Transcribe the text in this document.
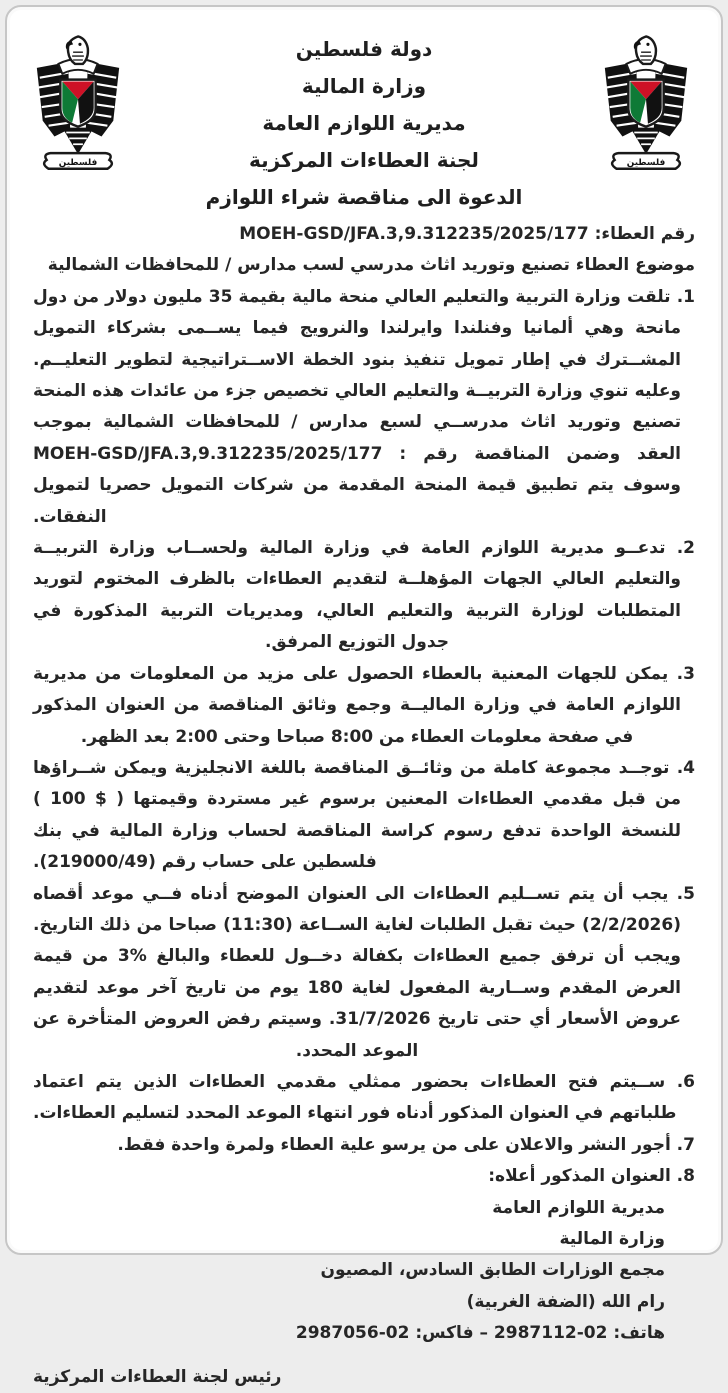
دولة فلسطين
وزارة المالية
مديرية اللوازم العامة
لجنة العطاءات المركزية
الدعوة الى مناقصة شراء اللوازم
رقم العطاء: MOEH-GSD/JFA.3,9.312235/2025/177
موضوع العطاء تصنيع وتوريد اثاث مدرسي لسب مدارس / للمحافظات الشمالية
1. تلقت وزارة التربية والتعليم العالي منحة مالية بقيمة 35 مليون دولار من دول مانحة وهي ألمانيا وفنلندا وايرلندا والنرويج فيما يســمى بشركاء التمويل المشــترك في إطار تمويل تنفيذ بنود الخطة الاســتراتيجية لتطوير التعليــم. وعليه تنوي وزارة التربيــة والتعليم العالي تخصيص جزء من عائدات هذه المنحة تصنيع وتوريد اثاث مدرســي لسبع مدارس / للمحافظات الشمالية بموجب العقد وضمن المناقصة رقم : MOEH-GSD/JFA.3,9.312235/2025/177 وسوف يتم تطبيق قيمة المنحة المقدمة من شركات التمويل حصريا لتمويل النفقات.
2. تدعــو مديرية اللوازم العامة في وزارة المالية ولحســاب وزارة التربيــة والتعليم العالي الجهات المؤهلــة لتقديم العطاءات بالظرف المختوم لتوريد المتطلبات لوزارة التربية والتعليم العالي، ومديريات التربية المذكورة في جدول التوزيع المرفق.
3. يمكن للجهات المعنية بالعطاء الحصول على مزيد من المعلومات من مديرية اللوازم العامة في وزارة الماليــة وجمع وثائق المناقصة من العنوان المذكور في صفحة معلومات العطاء من 8:00 صباحا وحتى 2:00 بعد الظهر.
4. توجــد مجموعة كاملة من وثائــق المناقصة باللغة الانجليزية ويمكن شــراؤها من قبل مقدمي العطاءات المعنين برسوم غير مستردة وقيمتها ( $ 100 ) للنسخة الواحدة تدفع رسوم كراسة المناقصة لحساب وزارة المالية في بنك فلسطين على حساب رقم (219000/49).
5. يجب أن يتم تســليم العطاءات الى العنوان الموضح أدناه فــي موعد أقصاه (2/2/2026) حيث تقبل الطلبات لغاية الســاعة (11:30) صباحا من ذلك التاريخ. ويجب أن ترفق جميع العطاءات بكفالة دخــول للعطاء والبالغ %3 من قيمة العرض المقدم وســارية المفعول لغاية 180 يوم من تاريخ آخر موعد لتقديم عروض الأسعار أي حتى تاريخ 31/7/2026. وسيتم رفض العروض المتأخرة عن الموعد المحدد.
6. ســيتم فتح العطاءات بحضور ممثلي مقدمي العطاءات الذين يتم اعتماد طلباتهم في العنوان المذكور أدناه فور انتهاء الموعد المحدد لتسليم العطاءات.
7. أجور النشر والاعلان على من يرسو علية العطاء ولمرة واحدة فقط.
8. العنوان المذكور أعلاه:
مديرية اللوازم العامة
وزارة المالية
مجمع الوزارات الطابق السادس، المصيون
رام الله (الضفة الغربية)
هاتف: 02-2987112 – فاكس: 02-2987056
رئيس لجنة العطاءات المركزية
